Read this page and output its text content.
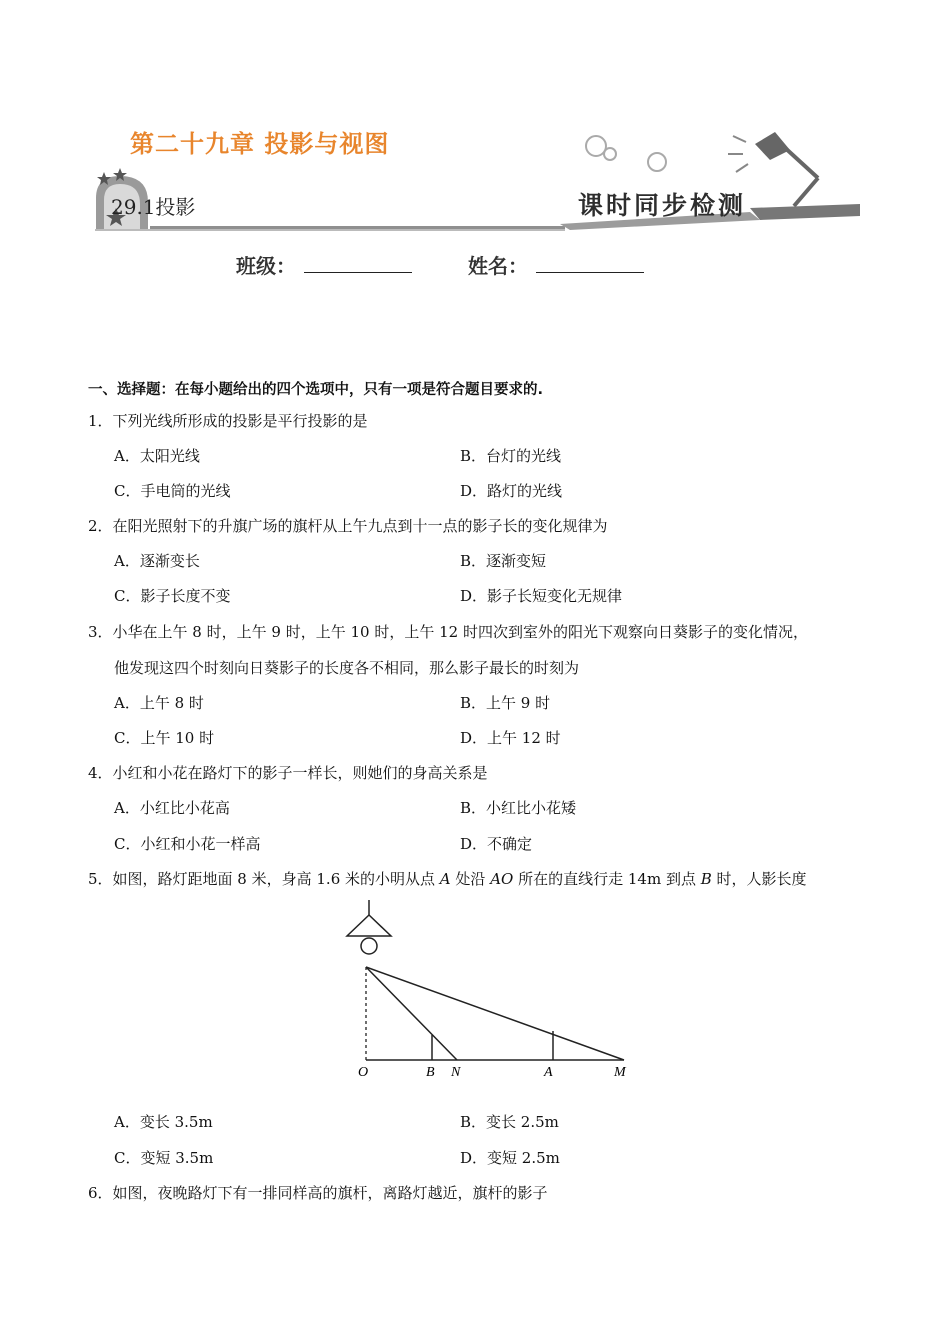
第二十九章 投影与视图
29.1 投影	课时同步检测
班级：	姓名：
一、选择题：在每小题给出的四个选项中，只有一项是符合题目要求的.
1．下列光线所形成的投影是平行投影的是
A．太阳光线	B．台灯的光线
C．手电筒的光线	D．路灯的光线
2．在阳光照射下的升旗广场的旗杆从上午九点到十一点的影子长的变化规律为
A．逐渐变长	B．逐渐变短
C．影子长度不变	D．影子长短变化无规律
3．小华在上午 8 时，上午 9 时，上午 10 时，上午 12 时四次到室外的阳光下观察向日葵影子的变化情况，
他发现这四个时刻向日葵影子的长度各不相同，那么影子最长的时刻为
A．上午 8 时	B．上午 9 时
C．上午 10 时	D．上午 12 时
4．小红和小花在路灯下的影子一样长，则她们的身高关系是
A．小红比小花高	B．小红比小花矮
C．小红和小花一样高	D．不确定
5．如图，路灯距地面 8 米，身高 1.6 米的小明从点 A 处沿 AO 所在的直线行走 14m 到点 B 时，人影长度
O	B N	A	M
A．变长 3.5m	B．变长 2.5m
C．变短 3.5m	D．变短 2.5m
6．如图，夜晚路灯下有一排同样高的旗杆，离路灯越近，旗杆的影子
